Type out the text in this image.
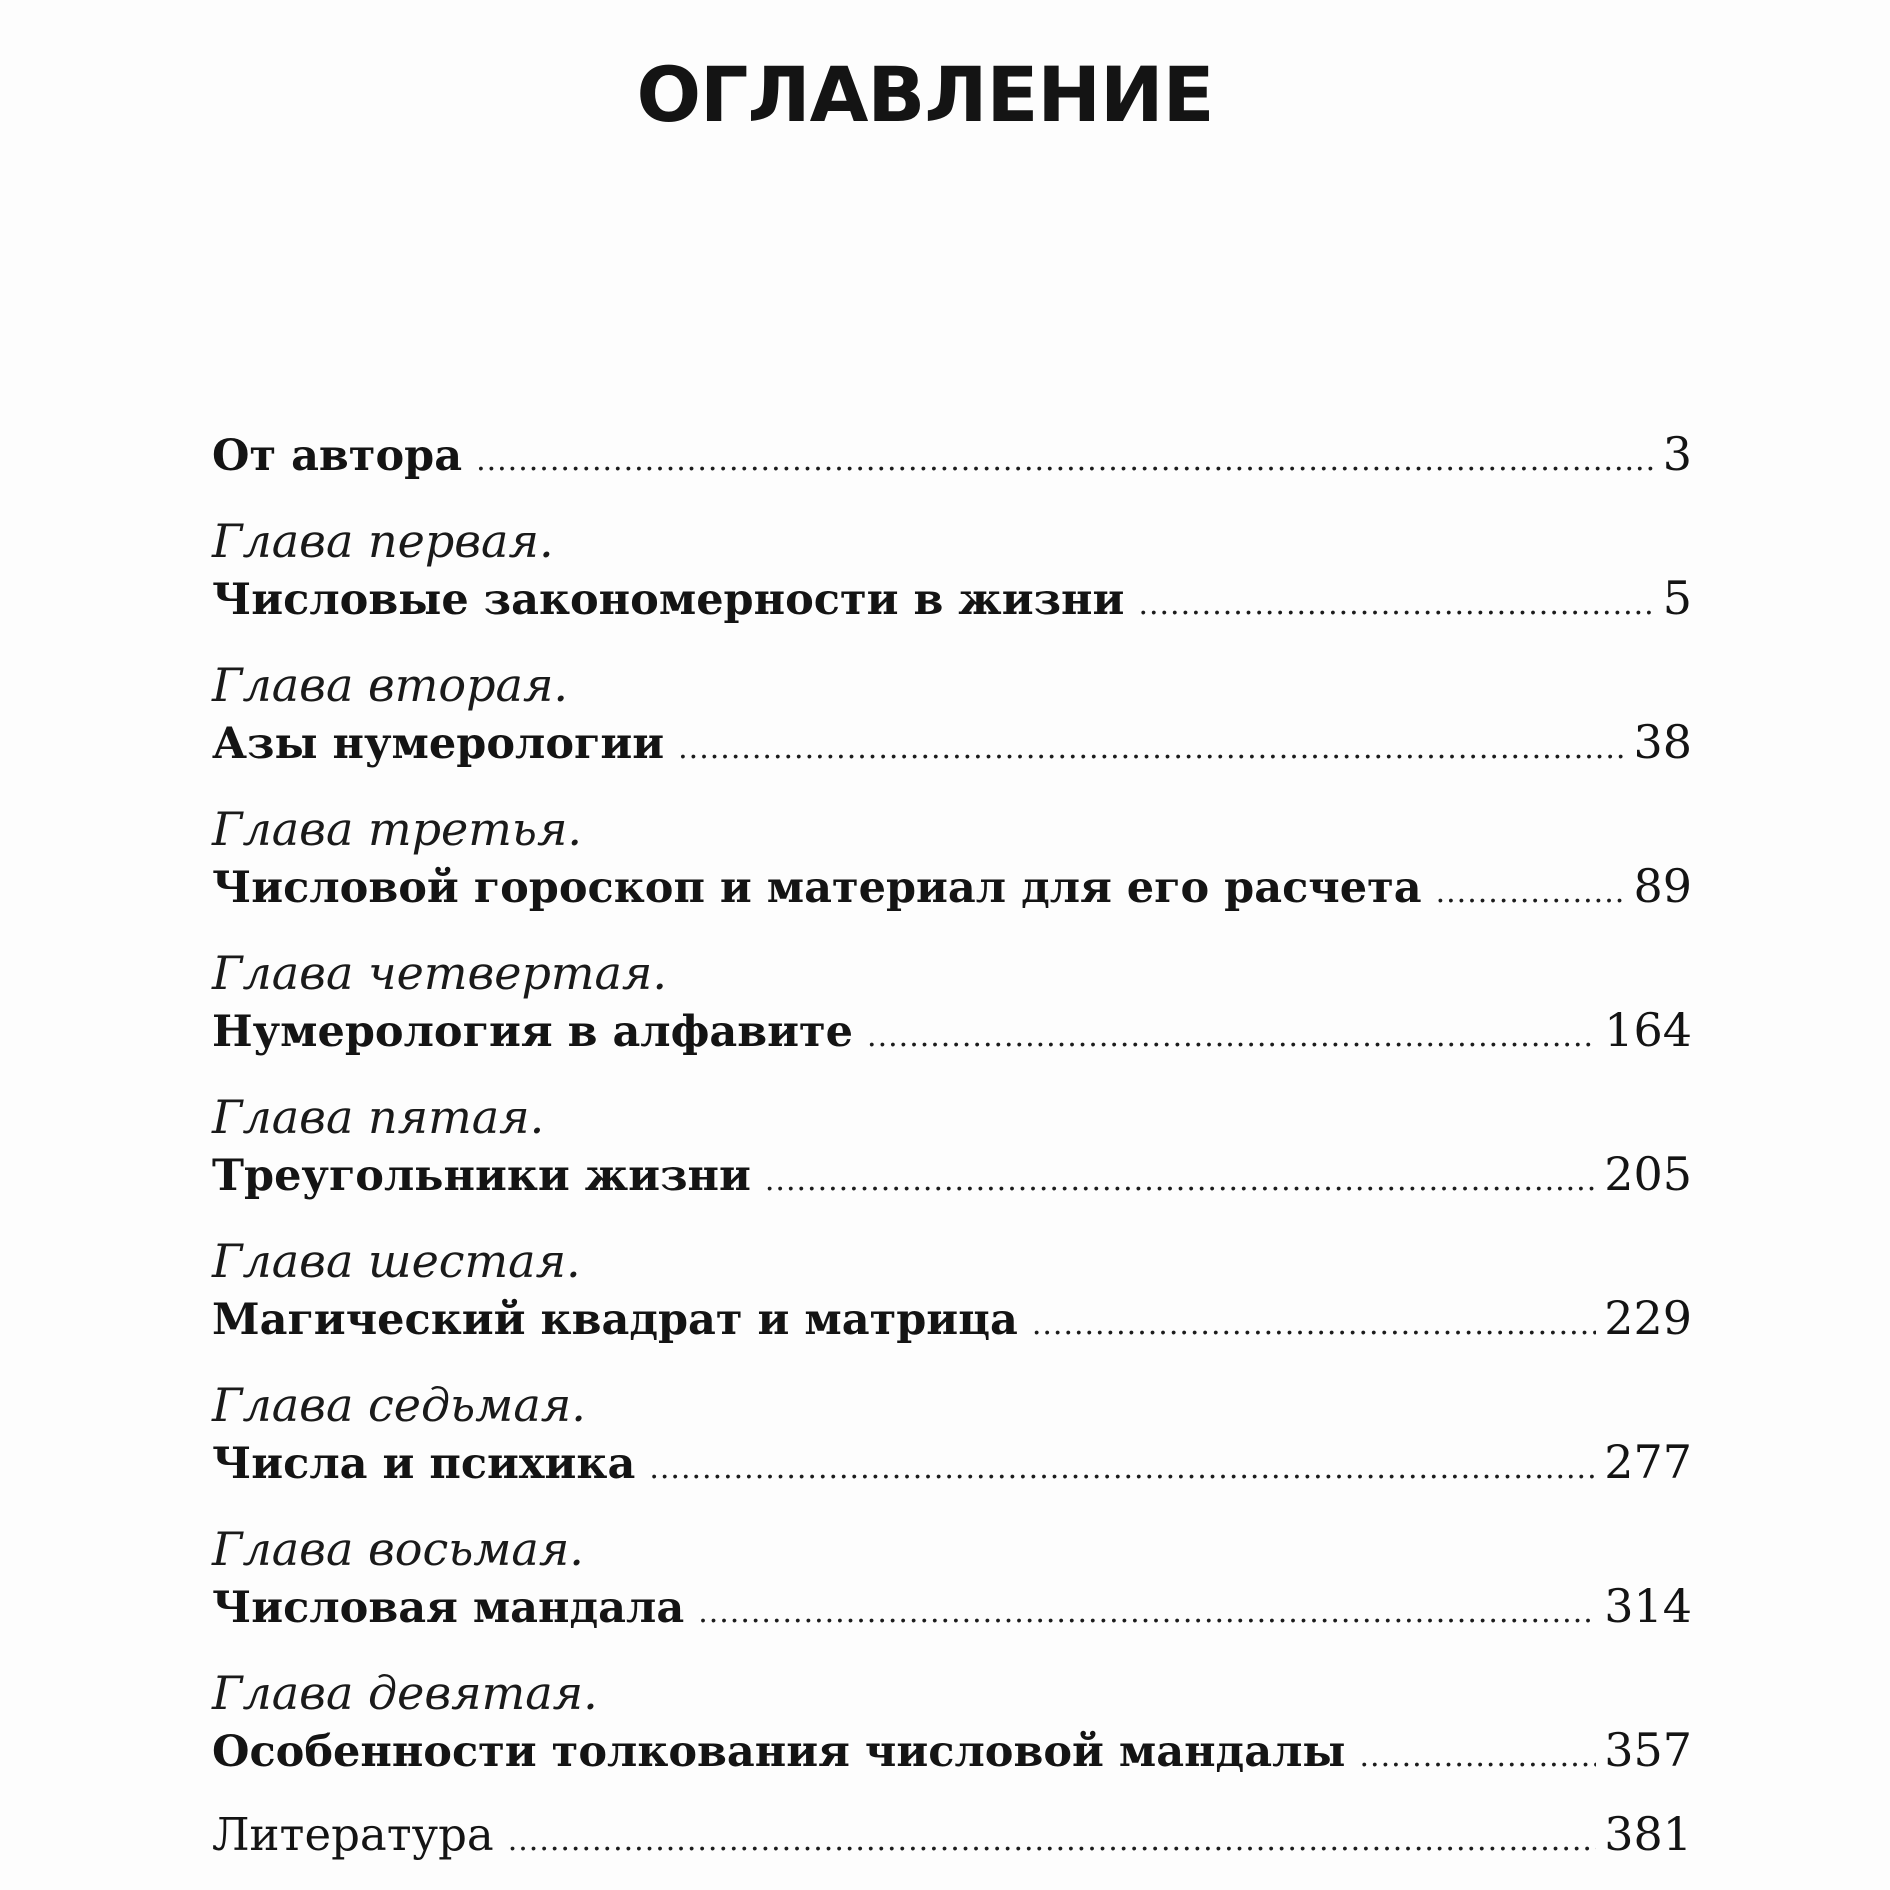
ОГЛАВЛЕНИЕ
От автора .....	3
Глава первая.
Числовые закономерности в жизни .....	5
Глава вторая.
Азы нумерологии .....	38
Глава третья.
Числовой гороскоп и материал для его расчета .....	89
Глава четвертая.
Нумерология в алфавите .....	164
Глава пятая.
Треугольники жизни .....	205
Глава шестая.
Магический квадрат и матрица .....	229
Глава седьмая.
Числа и психика .....	277
Глава восьмая.
Числовая мандала .....	314
Глава девятая.
Особенности толкования числовой мандалы .....	357
Литература .....	381
